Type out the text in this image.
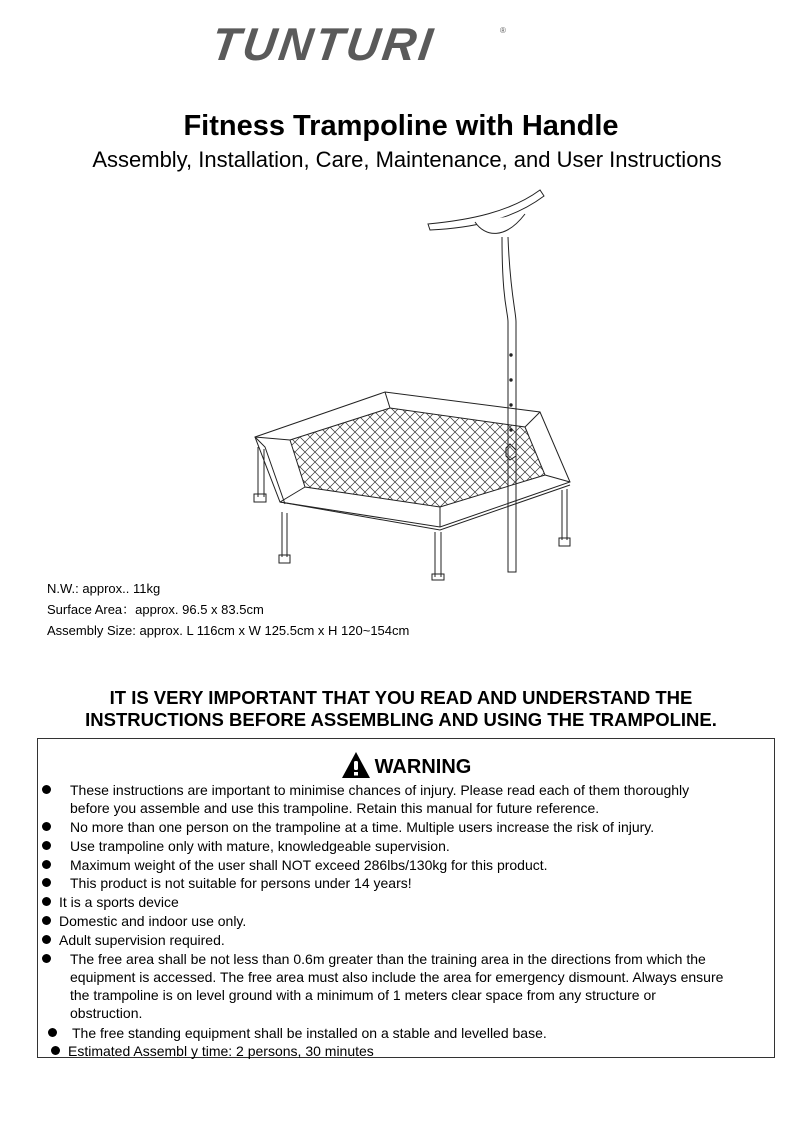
TUNTURI	®
Fitness Trampoline with Handle
Assembly, Installation, Care, Maintenance, and User Instructions
N.W.: approx.. 11kg
Surface Area：approx. 96.5 x 83.5cm
Assembly Size: approx. L 116cm x W 125.5cm x H 120~154cm
IT IS VERY IMPORTANT THAT YOU READ AND UNDERSTAND THE
INSTRUCTIONS BEFORE ASSEMBLING AND USING THE TRAMPOLINE.
WARNING
These instructions are important to minimise chances of injury. Please read each of them thoroughly
before you assemble and use this trampoline. Retain this manual for future reference.
No more than one person on the trampoline at a time. Multiple users increase the risk of injury.
Use trampoline only with mature, knowledgeable supervision.
Maximum weight of the user shall NOT exceed 286lbs/130kg for this product.
This product is not suitable for persons under 14 years!
It is a sports device
Domestic and indoor use only.
Adult supervision required.
The free area shall be not less than 0.6m greater than the training area in the directions from which the
equipment is accessed. The free area must also include the area for emergency dismount. Always ensure
the trampoline is on level ground with a minimum of 1 meters clear space from any structure or
obstruction.
The free standing equipment shall be installed on a stable and levelled base.
Estimated Assembl y time: 2 persons, 30 minutes
